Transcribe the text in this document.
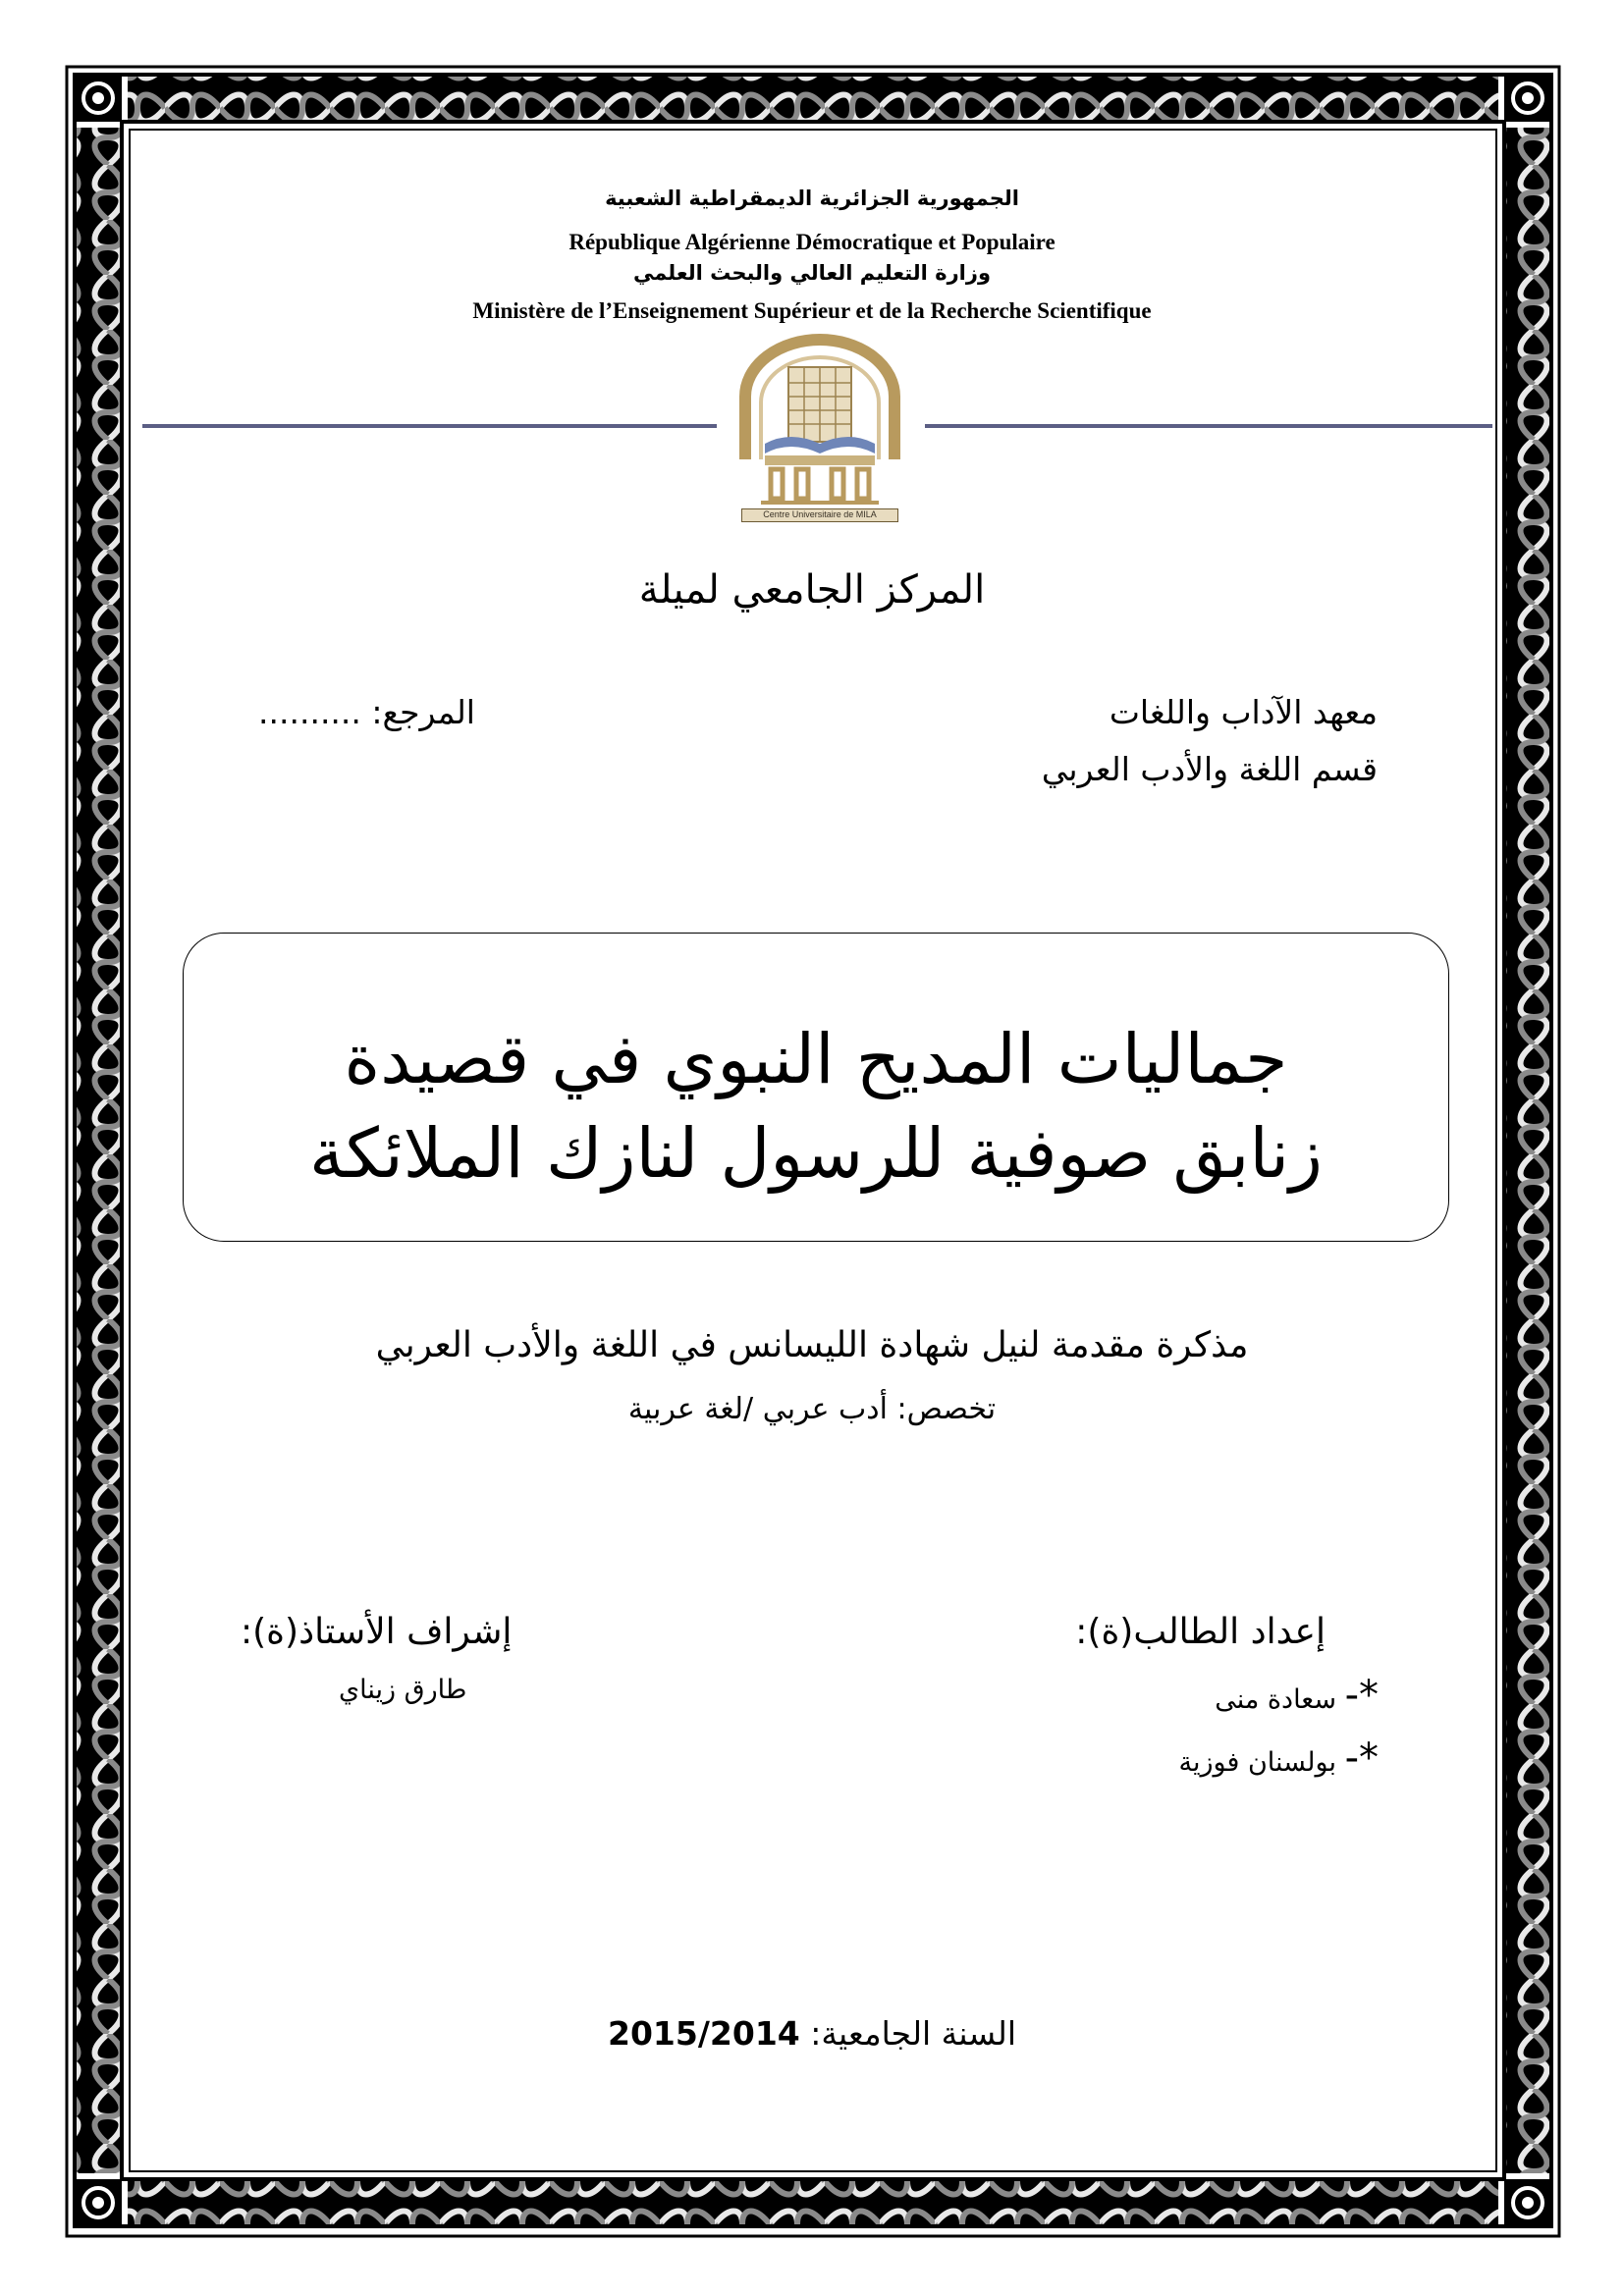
الجمهورية الجزائرية الديمقراطية الشعبية
République Algérienne Démocratique et Populaire
وزارة التعليم العالي والبحث العلمي
Ministère de l’Enseignement Supérieur et de la Recherche Scientifique
Centre Universitaire de MILA
المركز الجامعي لميلة
معهد الآداب واللغات
قسم اللغة والأدب العربي
المرجع: ..........
جماليات المديح النبوي في قصيدة
زنابق صوفية للرسول لنازك الملائكة
مذكرة مقدمة لنيل شهادة الليسانس في اللغة والأدب العربي
تخصص: أدب عربي /لغة عربية
إعداد الطالب(ة):
*- سعادة منى
*- بولسنان فوزية
إشراف الأستاذ(ة):
طارق زيناي
السنة الجامعية: 2015/2014
